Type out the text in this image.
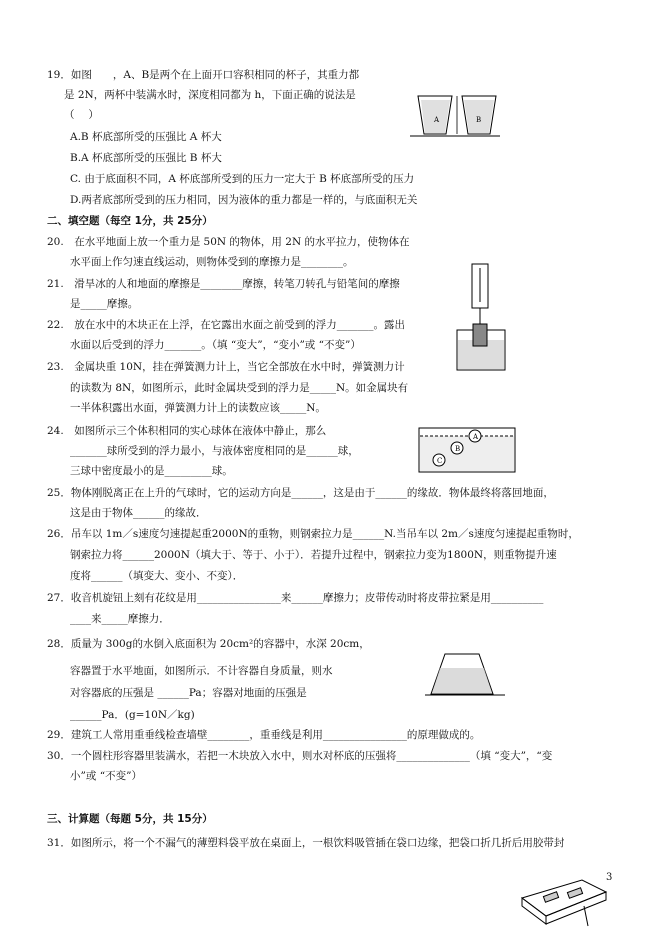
19．如图　　，A、B是两个在上面开口容积相同的杯子，其重力都
是 2N，两杯中装满水时，深度相同都为 h，下面正确的说法是
（　 ）
A.B 杯底部所受的压强比 A 杯大
B.A 杯底部所受的压强比 B 杯大
C. 由于底面积不同，A 杯底部所受到的压力一定大于 B 杯底部所受的压力
D.两者底部所受到的压力相同，因为液体的重力都是一样的，与底面积无关
A	B
二、填空题（每空 1分，共 25分）
20.　在水平地面上放一个重力是 50N 的物体，用 2N 的水平拉力，使物体在
水平面上作匀速直线运动，则物体受到的摩擦力是________。
21.　滑旱冰的人和地面的摩擦是________摩擦，转笔刀转孔与铅笔间的摩擦
是_____摩擦。
22.　放在水中的木块正在上浮，在它露出水面之前受到的浮力_______。露出
水面以后受到的浮力_______。（填 “变大”，“变小”或 “不变”）
23.　金属块重 10N，挂在弹簧测力计上，当它全部放在水中时，弹簧测力计
的读数为 8N，如图所示，此时金属块受到的浮力是_____N。如金属块有
一半体积露出水面，弹簧测力计上的读数应该_____N。
24.　如图所示三个体积相同的实心球体在液体中静止，那么
_______球所受到的浮力最小，与液体密度相同的是______球，
三球中密度最小的是_________球。
A
B
C
25．物体刚脱离正在上升的气球时，它的运动方向是______，这是由于______的缘故．物体最终将落回地面，
这是由于物体______的缘故．
26．吊车以 1m／s速度匀速提起重2000N的重物，则钢索拉力是______N.当吊车以 2m／s速度匀速提起重物时，
钢索拉力将______2000N（填大于、等于、小于）．若提升过程中，钢索拉力变为1800N，则重物提升速
度将______（填变大、变小、不变）．
27．收音机旋钮上刻有花纹是用________________来______摩擦力；皮带传动时将皮带拉紧是用__________
____来_____摩擦力．
28．质量为 300g的水倒入底面积为 20cm²的容器中，水深 20cm，
容器置于水平地面，如图所示．不计容器自身质量，则水
对容器底的压强是 ______Pa；容器对地面的压强是
______Pa．(g=10N／kg)
29．建筑工人常用重垂线检查墙壁________，重垂线是利用________________的原理做成的。
30．一个圆柱形容器里装满水，若把一木块放入水中，则水对杯底的压强将______________（填 “变大”，“变
小”或 “不变”）
三、计算题（每题 5分，共 15分）
31．如图所示，将一个不漏气的薄塑料袋平放在桌面上，一根饮料吸管插在袋口边缘，把袋口折几折后用胶带封
3
